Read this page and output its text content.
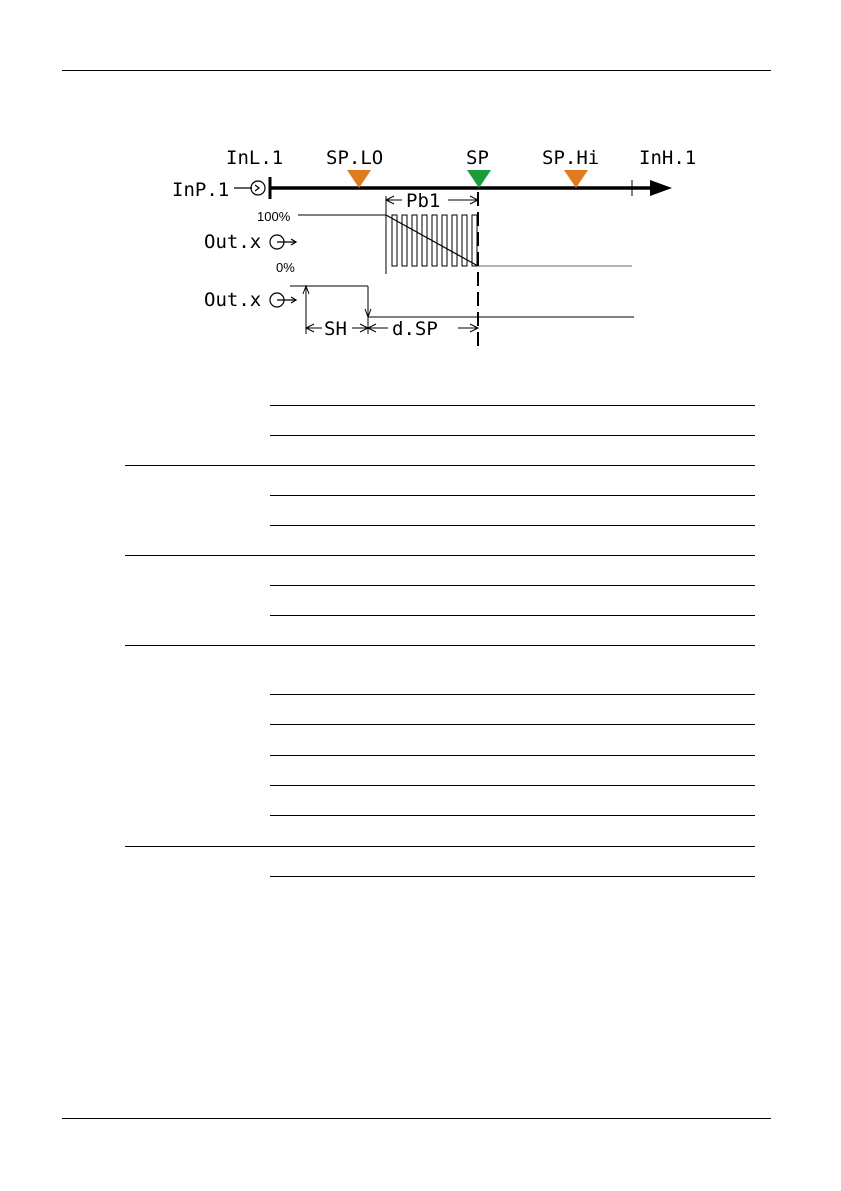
InL.1 SP.LO	SP	SP.Hi InH.1
InP.1	Pb1
100%
0%
Out.x
Out.x
SH d.SP
